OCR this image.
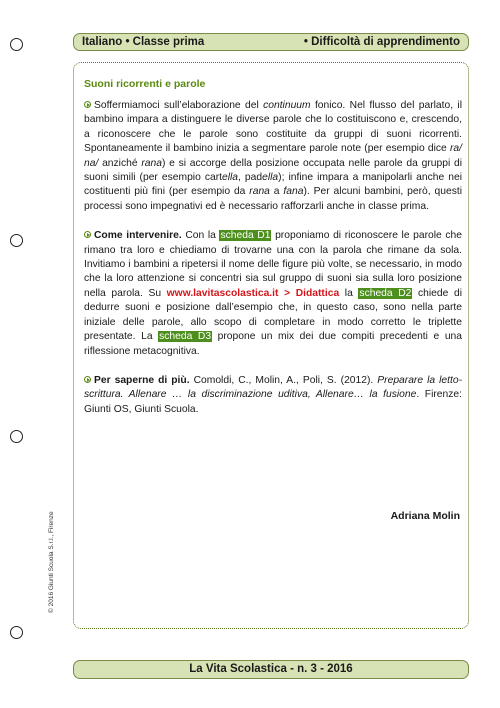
Italiano • Classe prima	• Difficoltà di apprendimento
Suoni ricorrenti e parole

Soffermiamoci sull’elaborazione del continuum fonico. Nel flusso del parlato, il bambino impara a distinguere le diverse parole che lo costituiscono e, crescendo, a riconoscere che le parole sono costituite da gruppi di suoni ricorrenti. Spontaneamente il bambino inizia a segmentare parole note (per esempio dice ra/ na/ anziché rana) e si accorge della posizione occupata nelle parole da gruppi di suoni simili (per esempio cartella, padella); infine impara a manipolarli anche nei costituenti più fini (per esempio da rana a fana). Per alcuni bambini, però, questi processi sono impegnativi ed è necessario rafforzarli anche in classe prima.

Come intervenire. Con la scheda D1 proponiamo di riconoscere le parole che rimano tra loro e chiediamo di trovarne una con la parola che rimane da sola. Invitiamo i bambini a ripetersi il nome delle figure più volte, se necessario, in modo che la loro attenzione si concentri sia sul gruppo di suoni sia sulla loro posizione nella parola. Su www.lavitascolastica.it > Didattica la scheda D2 chiede di dedurre suoni e posizione dall’esempio che, in questo caso, sono nella parte iniziale delle parole, allo scopo di completare in modo corretto le triplette presentate. La scheda D3 propone un mix dei due compiti precedenti e una riflessione metacognitiva.

Per saperne di più. Comoldi, C., Molin, A., Poli, S. (2012). Preparare la letto-scrittura. Allenare … la discriminazione uditiva, Allenare… la fusione. Firenze: Giunti OS, Giunti Scuola.

Adriana Molin
© 2016 Giunti Scuola S.r.l., Firenze
La Vita Scolastica - n. 3 - 2016
